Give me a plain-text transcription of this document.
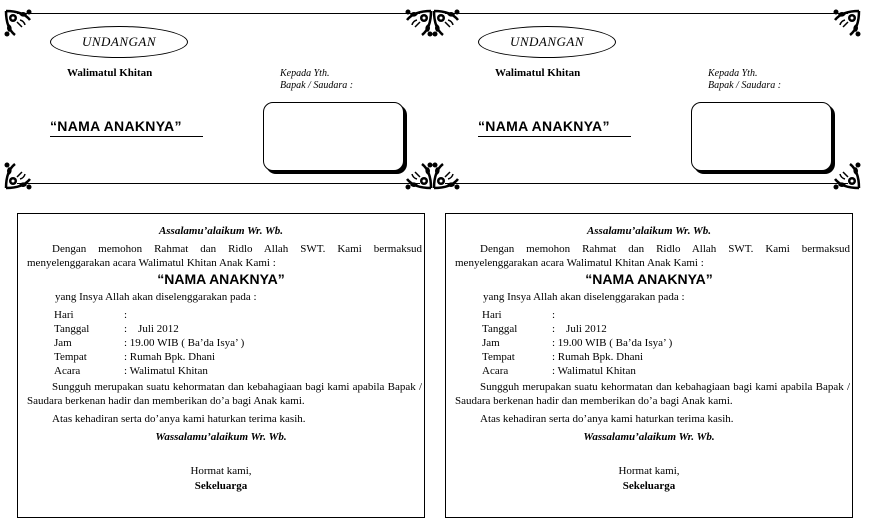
UNDANGAN
Walimatul Khitan	Kepada Yth.
Bapak / Saudara :
“NAMA ANAKNYA”
Assalamu’alaikum Wr. Wb.
Dengan memohon Rahmat dan Ridlo Allah SWT. Kami bermaksud
menyelenggarakan acara Walimatul Khitan Anak Kami :
“NAMA ANAKNYA”
yang Insya Allah akan diselenggarakan pada :
Hari	:
Tanggal	:    Juli 2012
Jam	: 19.00 WIB ( Ba’da Isya’ )
Tempat	: Rumah Bpk. Dhani
Acara	: Walimatul Khitan
Sungguh merupakan suatu kehormatan dan kebahagiaan bagi kami apabila Bapak / Saudara berkenan hadir dan memberikan do’a bagi Anak kami.
Atas kehadiran serta do’anya kami haturkan terima kasih.
Wassalamu’alaikum Wr. Wb.
Hormat kami,
Sekeluarga
UNDANGAN
Walimatul Khitan	Kepada Yth.
Bapak / Saudara :
“NAMA ANAKNYA”
Assalamu’alaikum Wr. Wb.
Dengan memohon Rahmat dan Ridlo Allah SWT. Kami bermaksud
menyelenggarakan acara Walimatul Khitan Anak Kami :
“NAMA ANAKNYA”
yang Insya Allah akan diselenggarakan pada :
Hari	:
Tanggal	:    Juli 2012
Jam	: 19.00 WIB ( Ba’da Isya’ )
Tempat	: Rumah Bpk. Dhani
Acara	: Walimatul Khitan
Sungguh merupakan suatu kehormatan dan kebahagiaan bagi kami apabila Bapak / Saudara berkenan hadir dan memberikan do’a bagi Anak kami.
Atas kehadiran serta do’anya kami haturkan terima kasih.
Wassalamu’alaikum Wr. Wb.
Hormat kami,
Sekeluarga
